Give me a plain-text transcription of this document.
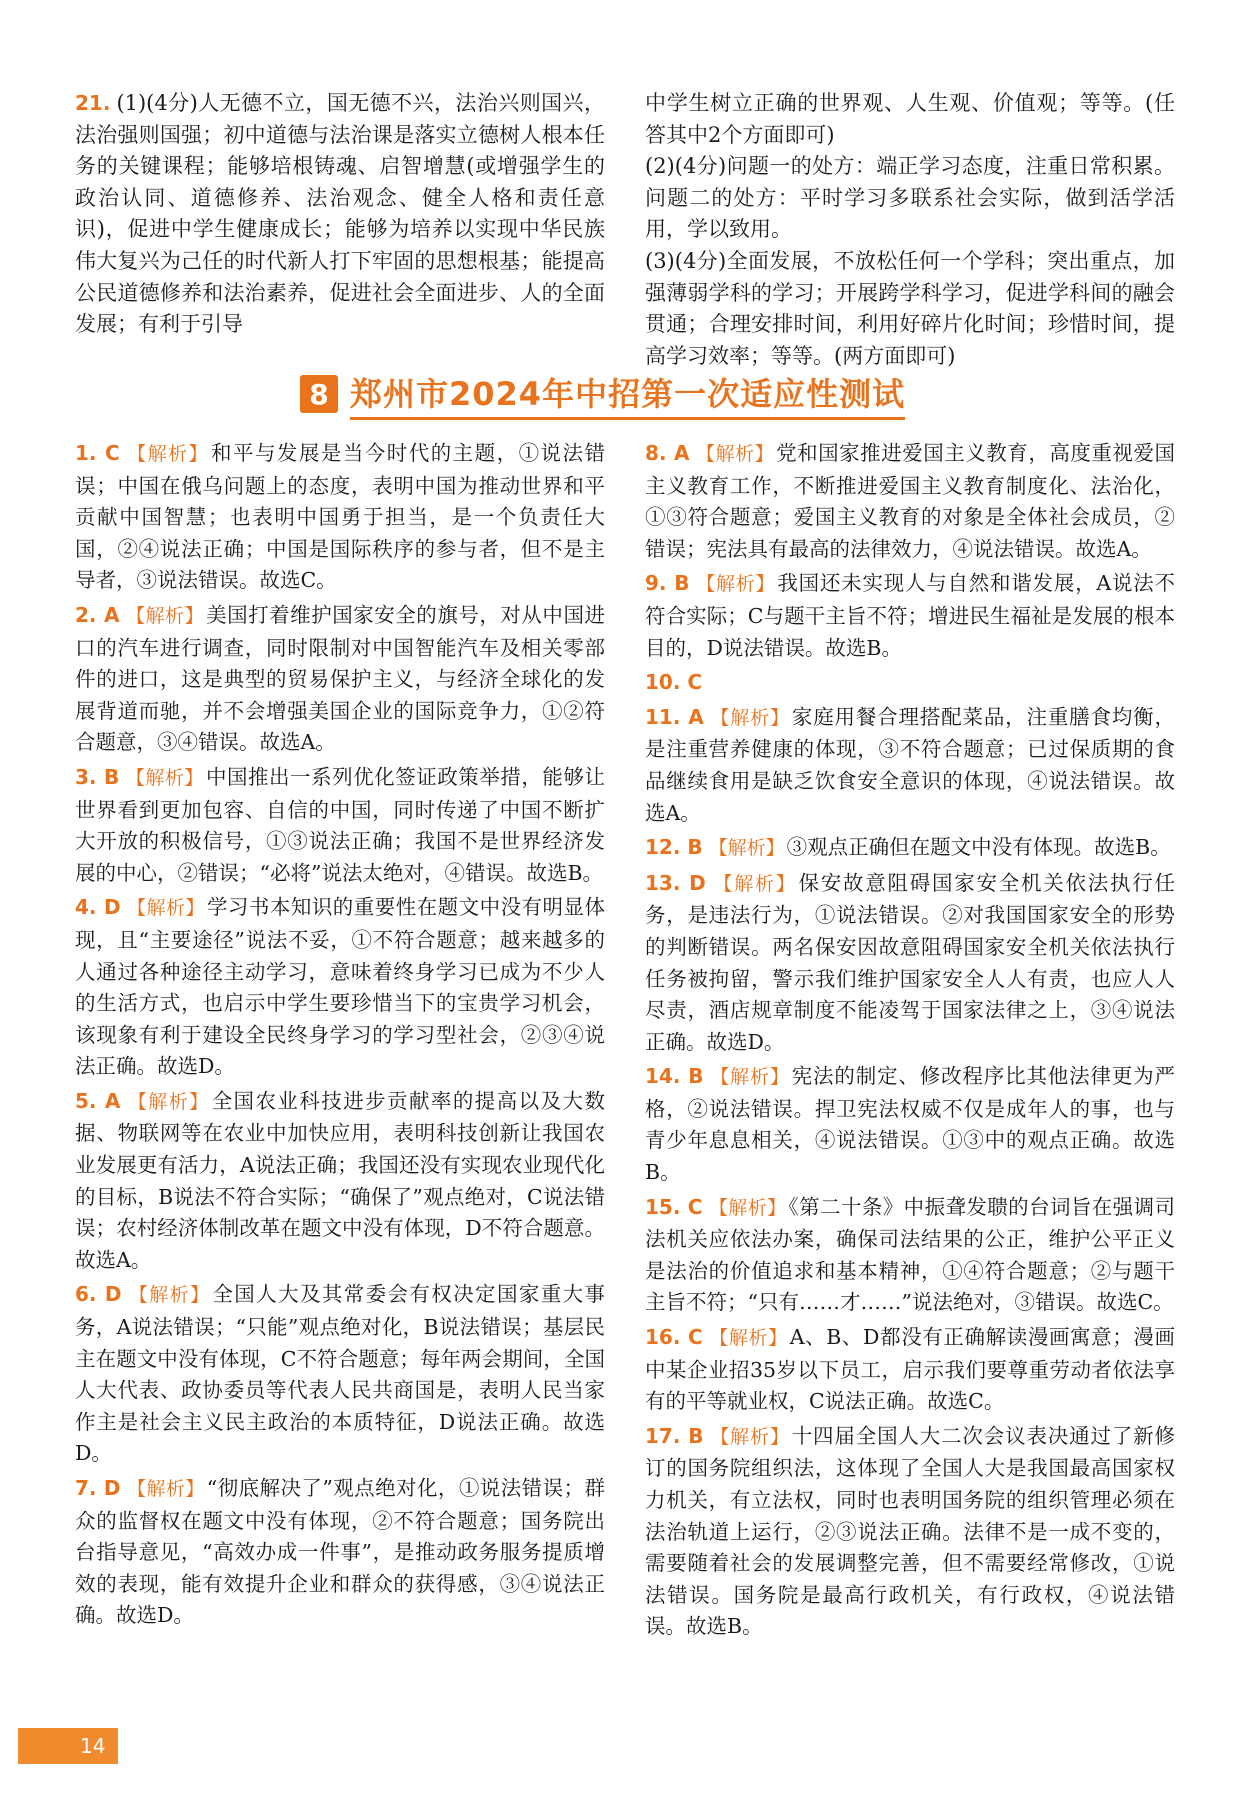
21. (1)(4分)人无德不立，国无德不兴，法治兴则国兴，法治强则国强；初中道德与法治课是落实立德树人根本任务的关键课程；能够培根铸魂、启智增慧(或增强学生的政治认同、道德修养、法治观念、健全人格和责任意识)，促进中学生健康成长；能够为培养以实现中华民族伟大复兴为己任的时代新人打下牢固的思想根基；能提高公民道德修养和法治素养，促进社会全面进步、人的全面发展；有利于引导

中学生树立正确的世界观、人生观、价值观；等等。(任答其中2个方面即可)

(2)(4分)问题一的处方：端正学习态度，注重日常积累。问题二的处方：平时学习多联系社会实际，做到活学活用，学以致用。

(3)(4分)全面发展，不放松任何一个学科；突出重点，加强薄弱学科的学习；开展跨学科学习，促进学科间的融会贯通；合理安排时间，利用好碎片化时间；珍惜时间，提高学习效率；等等。(两方面即可)

8 郑州市2024年中招第一次适应性测试

1. C 【解析】和平与发展是当今时代的主题，①说法错误；中国在俄乌问题上的态度，表明中国为推动世界和平贡献中国智慧；也表明中国勇于担当，是一个负责任大国，②④说法正确；中国是国际秩序的参与者，但不是主导者，③说法错误。故选C。

2. A 【解析】美国打着维护国家安全的旗号，对从中国进口的汽车进行调查，同时限制对中国智能汽车及相关零部件的进口，这是典型的贸易保护主义，与经济全球化的发展背道而驰，并不会增强美国企业的国际竞争力，①②符合题意，③④错误。故选A。

3. B 【解析】中国推出一系列优化签证政策举措，能够让世界看到更加包容、自信的中国，同时传递了中国不断扩大开放的积极信号，①③说法正确；我国不是世界经济发展的中心，②错误；“必将”说法太绝对，④错误。故选B。

4. D 【解析】学习书本知识的重要性在题文中没有明显体现，且“主要途径”说法不妥，①不符合题意；越来越多的人通过各种途径主动学习，意味着终身学习已成为不少人的生活方式，也启示中学生要珍惜当下的宝贵学习机会，该现象有利于建设全民终身学习的学习型社会，②③④说法正确。故选D。

5. A 【解析】全国农业科技进步贡献率的提高以及大数据、物联网等在农业中加快应用，表明科技创新让我国农业发展更有活力，A说法正确；我国还没有实现农业现代化的目标，B说法不符合实际；“确保了”观点绝对，C说法错误；农村经济体制改革在题文中没有体现，D不符合题意。故选A。

6. D 【解析】全国人大及其常委会有权决定国家重大事务，A说法错误；“只能”观点绝对化，B说法错误；基层民主在题文中没有体现，C不符合题意；每年两会期间，全国人大代表、政协委员等代表人民共商国是，表明人民当家作主是社会主义民主政治的本质特征，D说法正确。故选D。

7. D 【解析】“彻底解决了”观点绝对化，①说法错误；群众的监督权在题文中没有体现，②不符合题意；国务院出台指导意见，“高效办成一件事”，是推动政务服务提质增效的表现，能有效提升企业和群众的获得感，③④说法正确。故选D。

8. A 【解析】党和国家推进爱国主义教育，高度重视爱国主义教育工作，不断推进爱国主义教育制度化、法治化，①③符合题意；爱国主义教育的对象是全体社会成员，②错误；宪法具有最高的法律效力，④说法错误。故选A。

9. B 【解析】我国还未实现人与自然和谐发展，A说法不符合实际；C与题干主旨不符；增进民生福祉是发展的根本目的，D说法错误。故选B。

10. C

11. A 【解析】家庭用餐合理搭配菜品，注重膳食均衡，是注重营养健康的体现，③不符合题意；已过保质期的食品继续食用是缺乏饮食安全意识的体现，④说法错误。故选A。

12. B 【解析】③观点正确但在题文中没有体现。故选B。

13. D 【解析】保安故意阻碍国家安全机关依法执行任务，是违法行为，①说法错误。②对我国国家安全的形势的判断错误。两名保安因故意阻碍国家安全机关依法执行任务被拘留，警示我们维护国家安全人人有责，也应人人尽责，酒店规章制度不能凌驾于国家法律之上，③④说法正确。故选D。

14. B 【解析】宪法的制定、修改程序比其他法律更为严格，②说法错误。捍卫宪法权威不仅是成年人的事，也与青少年息息相关，④说法错误。①③中的观点正确。故选B。

15. C 【解析】《第二十条》中振聋发聩的台词旨在强调司法机关应依法办案，确保司法结果的公正，维护公平正义是法治的价值追求和基本精神，①④符合题意；②与题干主旨不符；“只有……才……”说法绝对，③错误。故选C。

16. C 【解析】A、B、D都没有正确解读漫画寓意；漫画中某企业招35岁以下员工，启示我们要尊重劳动者依法享有的平等就业权，C说法正确。故选C。

17. B 【解析】十四届全国人大二次会议表决通过了新修订的国务院组织法，这体现了全国人大是我国最高国家权力机关，有立法权，同时也表明国务院的组织管理必须在法治轨道上运行，②③说法正确。法律不是一成不变的，需要随着社会的发展调整完善，但不需要经常修改，①说法错误。国务院是最高行政机关，有行政权，④说法错误。故选B。

14
